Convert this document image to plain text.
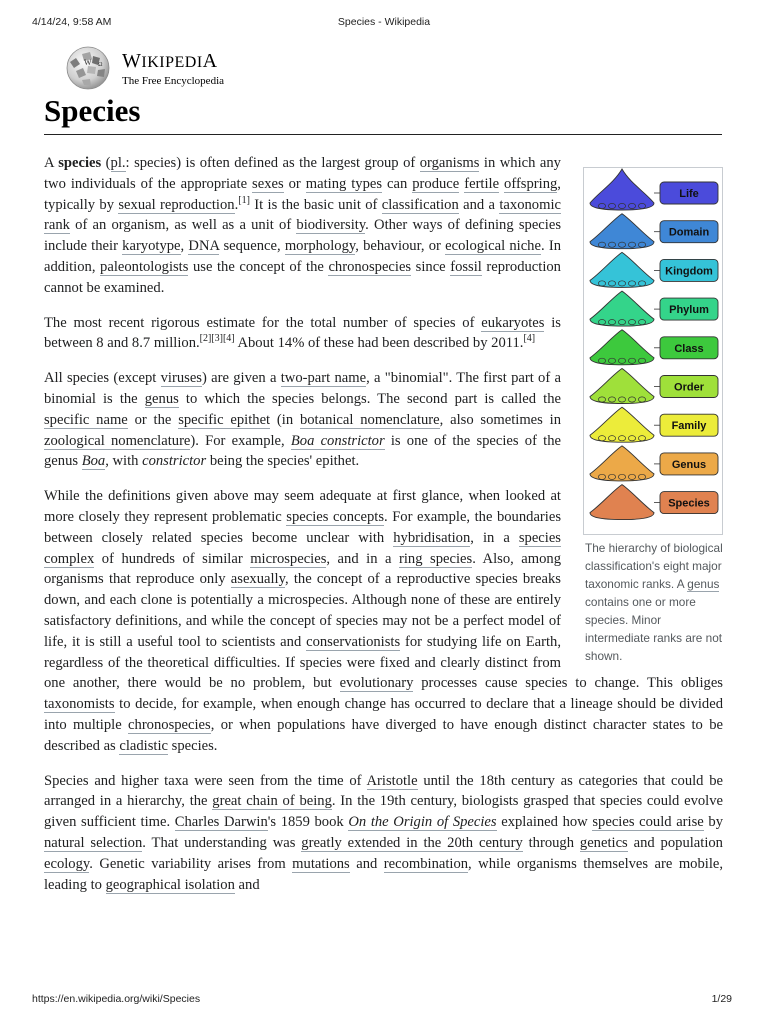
4/14/24, 9:58 AM	Species - Wikipedia
W Ω WIKIPEDIA
The Free Encyclopedia
Species
Life
Domain
Kingdom
Phylum
Class
Order
Family
Genus
Species
The hierarchy of biological classification's eight major taxonomic ranks. A genus contains one or more species. Minor intermediate ranks are not shown.

A species (pl.: species) is often defined as the largest group of organisms in which any two individuals of the appropriate sexes or mating types can produce fertile offspring, typically by sexual reproduction.[1] It is the basic unit of classification and a taxonomic rank of an organism, as well as a unit of biodiversity. Other ways of defining species include their karyotype, DNA sequence, morphology, behaviour, or ecological niche. In addition, paleontologists use the concept of the chronospecies since fossil reproduction cannot be examined.

The most recent rigorous estimate for the total number of species of eukaryotes is between 8 and 8.7 million.[2][3][4] About 14% of these had been described by 2011.[4]

All species (except viruses) are given a two-part name, a "binomial". The first part of a binomial is the genus to which the species belongs. The second part is called the specific name or the specific epithet (in botanical nomenclature, also sometimes in zoological nomenclature). For example, Boa constrictor is one of the species of the genus Boa, with constrictor being the species' epithet.

While the definitions given above may seem adequate at first glance, when looked at more closely they represent problematic species concepts. For example, the boundaries between closely related species become unclear with hybridisation, in a species complex of hundreds of similar microspecies, and in a ring species. Also, among organisms that reproduce only asexually, the concept of a reproductive species breaks down, and each clone is potentially a microspecies. Although none of these are entirely satisfactory definitions, and while the concept of species may not be a perfect model of life, it is still a useful tool to scientists and conservationists for studying life on Earth, regardless of the theoretical difficulties. If species were fixed and clearly distinct from one another, there would be no problem, but evolutionary processes cause species to change. This obliges taxonomists to decide, for example, when enough change has occurred to declare that a lineage should be divided into multiple chronospecies, or when populations have diverged to have enough distinct character states to be described as cladistic species.

Species and higher taxa were seen from the time of Aristotle until the 18th century as categories that could be arranged in a hierarchy, the great chain of being. In the 19th century, biologists grasped that species could evolve given sufficient time. Charles Darwin's 1859 book On the Origin of Species explained how species could arise by natural selection. That understanding was greatly extended in the 20th century through genetics and population ecology. Genetic variability arises from mutations and recombination, while organisms themselves are mobile, leading to geographical isolation and

https://en.wikipedia.org/wiki/Species	1/29
